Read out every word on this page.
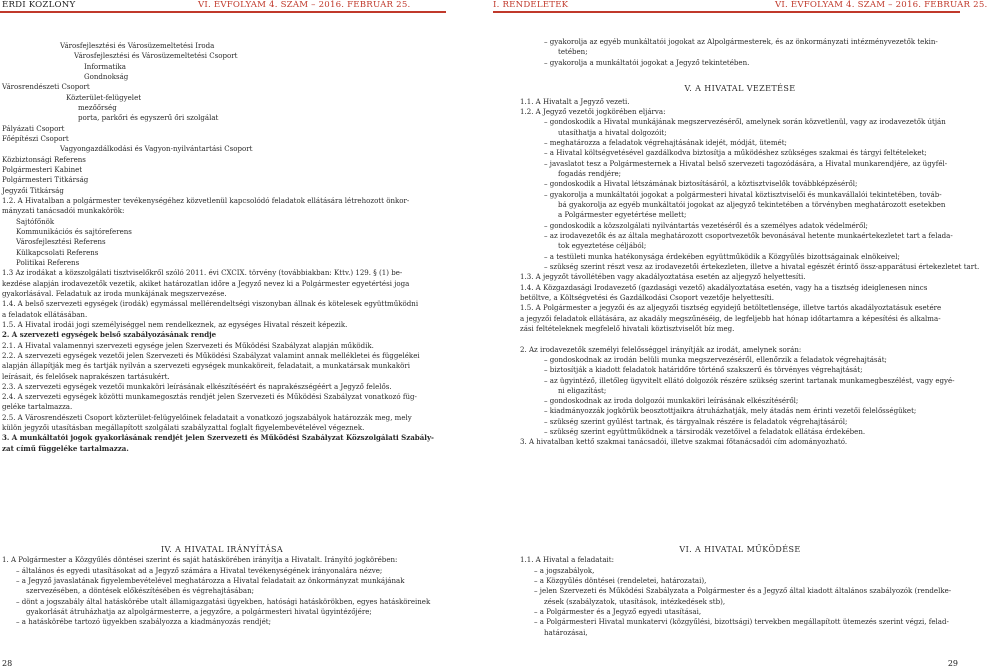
ÉRDI KÖZLÖNY	VI. ÉVFOLYAM 4. SZÁM – 2016. FEBRUÁR 25.	I. RENDELETEK	VI. ÉVFOLYAM 4. SZÁM – 2016. FEBRUÁR 25.

Városfejlesztési és Városüzemeltetési Iroda

Városfejlesztési és Városüzemeltetési Csoport

Informatika

Gondnokság

Városrendészeti Csoport

Közterület-felügyelet

mezőőrség

porta, parkőri és egyszerű őri szolgálat

Pályázati Csoport

Főépítészi Csoport

Vagyongazdálkodási és Vagyon-nyilvántartási Csoport

Közbiztonsági Referens

Polgármesteri Kabinet

Polgármesteri Titkárság

Jegyzői Titkárság

1.2. A Hivatalban a polgármester tevékenységéhez közvetlenül kapcsolódó feladatok ellátására létrehozott önkor-

mányzati tanácsadói munkakörök:

Sajtófőnök

Kommunikációs és sajtóreferens

Városfejlesztési Referens

Külkapcsolati Referens

Politikai Referens

1.3 Az irodákat a közszolgálati tisztviselőkről szóló 2011. évi CXCIX. törvény (továbbiakban: Kttv.) 129. § (1) be-

kezdése alapján irodavezetők vezetik, akiket határozatlan időre a Jegyző nevez ki a Polgármester egyetértési joga

gyakorlásával. Feladatuk az iroda munkájának megszervezése.

1.4. A belső szervezeti egységek (irodák) egymással mellérendeltségi viszonyban állnak és kötelesek együttműködni

a feladatok ellátásában.

1.5. A Hivatal irodái jogi személyiséggel nem rendelkeznek, az egységes Hivatal részeit képezik.

2. A szervezeti egységek belső szabályozásának rendje

2.1. A Hivatal valamennyi szervezeti egysége jelen Szervezeti és Működési Szabályzat alapján működik.

2.2. A szervezeti egységek vezetői jelen Szervezeti és Működési Szabályzat valamint annak mellékletei és függelékei

alapján állapítják meg és tartják nyilván a szervezeti egységek munkaköreit, feladatait, a munkatársak munkaköri

leírásait, és felelősek naprakészen tartásukért.

2.3. A szervezeti egységek vezetői munkaköri leírásának elkészítéséért és naprakészségéért a Jegyző felelős.

2.4. A szervezeti egységek közötti munkamegosztás rendjét jelen Szervezeti és Működési Szabályzat vonatkozó füg-

geléke tartalmazza.

2.5. A Városrendészeti Csoport közterület-felügyelőinek feladatait a vonatkozó jogszabályok határozzák meg, mely

külön jegyzői utasításban megállapított szolgálati szabályzattal foglalt figyelembevételével végeznek.

3. A munkáltatói jogok gyakorlásának rendjét jelen Szervezeti és Működési Szabályzat Közszolgálati Szabály-

zat című függeléke tartalmazza.

IV. A HIVATAL IRÁNYÍTÁSA

1. A Polgármester a Közgyűlés döntései szerint és saját hatáskörében irányítja a Hivatalt. Irányító jogkörében:

– általános és egyedi utasításokat ad a Jegyző számára a Hivatal tevékenységének irányonalára nézve;

– a Jegyző javaslatának figyelembevételével meghatározza a Hivatal feladatait az önkormányzat munkájának

szervezésében, a döntések előkészítésében és végrehajtásában;

– dönt a jogszabály által hatáskörébe utalt államigazgatási ügyekben, hatósági hatáskörökben, egyes hatásköreinek

gyakorlását átruházhatja az alpolgármesterre, a jegyzőre, a polgármesteri hivatal ügyintézőjére;

– a hatáskörébe tartozó ügyekben szabályozza a kiadmányozás rendjét;

– gyakorolja az egyéb munkáltatói jogokat az Alpolgármesterek, és az önkormányzati intézményvezetők tekin-

tetében;

– gyakorolja a munkáltatói jogokat a Jegyző tekintetében.

V. A HIVATAL VEZETÉSE

1.1. A Hivatalt a Jegyző vezeti.

1.2. A Jegyző vezetői jogkörében eljárva:

– gondoskodik a Hivatal munkájának megszervezéséről, amelynek során közvetlenül, vagy az irodavezetők útján

utasíthatja a hivatal dolgozóit;

– meghatározza a feladatok végrehajtásának idejét, módját, ütemét;

– a Hivatal költségvetésével gazdálkodva biztosítja a működéshez szükséges szakmai és tárgyi feltételeket;

– javaslatot tesz a Polgármesternek a Hivatal belső szervezeti tagozódására, a Hivatal munkarendjére, az ügyfél-

fogadás rendjére;

– gondoskodik a Hivatal létszámának biztosításáról, a köztisztviselők továbbképzéséről;

– gyakorolja a munkáltatói jogokat a polgármesteri hivatal köztisztviselői és munkavállalói tekintetében, továb-

bá gyakorolja az egyéb munkáltatói jogokat az aljegyző tekintetében a törvényben meghatározott esetekben

a Polgármester egyetértése mellett;

– gondoskodik a közszolgálati nyilvántartás vezetéséről és a személyes adatok védelméről;

– az irodavezetők és az általa meghatározott csoportvezetők bevonásával hetente munkaértekezletet tart a felada-

tok egyeztetése céljából;

– a testületi munka hatékonysága érdekében együttműködik a Közgyűlés bizottságainak elnökeivel;

– szükség szerint részt vesz az irodavezetői értekezleten, illetve a hivatal egészét érintő össz-apparátusi értekezletet tart.

1.3. A jegyzőt távollétében vagy akadályoztatása esetén az aljegyző helyettesíti.

1.4. A Közgazdasági Irodavezető (gazdasági vezető) akadályoztatása esetén, vagy ha a tisztség ideiglenesen nincs

betöltve, a Költségvetési és Gazdálkodási Csoport vezetője helyettesíti.

1.5. A Polgármester a jegyzői és az aljegyzői tisztség egyidejű betöltetlensége, illetve tartós akadályoztatásuk esetére

a jegyzői feladatok ellátására, az akadály megszűnéséig, de legfeljebb hat hónap időtartamra a képesítési és alkalma-

zási feltételeknek megfelelő hivatali köztisztviselőt bíz meg.

2. Az irodavezetők személyi felelősséggel irányítják az irodát, amelynek során:

– gondoskodnak az irodán belüli munka megszervezéséről, ellenőrzik a feladatok végrehajtását;

– biztosítják a kiadott feladatok határidőre történő szakszerű és törvényes végrehajtását;

– az ügyintéző, illetőleg ügyvitelt ellátó dolgozók részére szükség szerint tartanak munkamegbeszélést, vagy egyé-

ni eligazítást;

– gondoskodnak az iroda dolgozói munkaköri leírásának elkészítéséről;

– kiadmányozzák jogkörük beosztottjaikra átruházhatják, mely átadás nem érinti vezetői felelősségüket;

– szükség szerint gyűlést tartnak, és tárgyalnak részére is feladatok végrehajtásáról;

– szükség szerint együttműködnek a társirodák vezetőivel a feladatok ellátása érdekében.

3. A hivatalban kettő szakmai tanácsadói, illetve szakmai főtanácsadói cím adományozható.

VI. A HIVATAL MŰKÖDÉSE

1.1. A Hivatal a feladatait:

– a jogszabályok,

– a Közgyűlés döntései (rendeletei, határozatai),

– jelen Szervezeti és Működési Szabályzata a Polgármester és a Jegyző által kiadott általános szabályozók (rendelke-

zések (szabályzatok, utasítások, intézkedések stb),

– a Polgármester és a Jegyző egyedi utasításai,

– a Polgármesteri Hivatal munkatervi (közgyűlési, bizottsági) tervekben megállapított ütemezés szerint végzi, felad-

határozásai,

28	29
